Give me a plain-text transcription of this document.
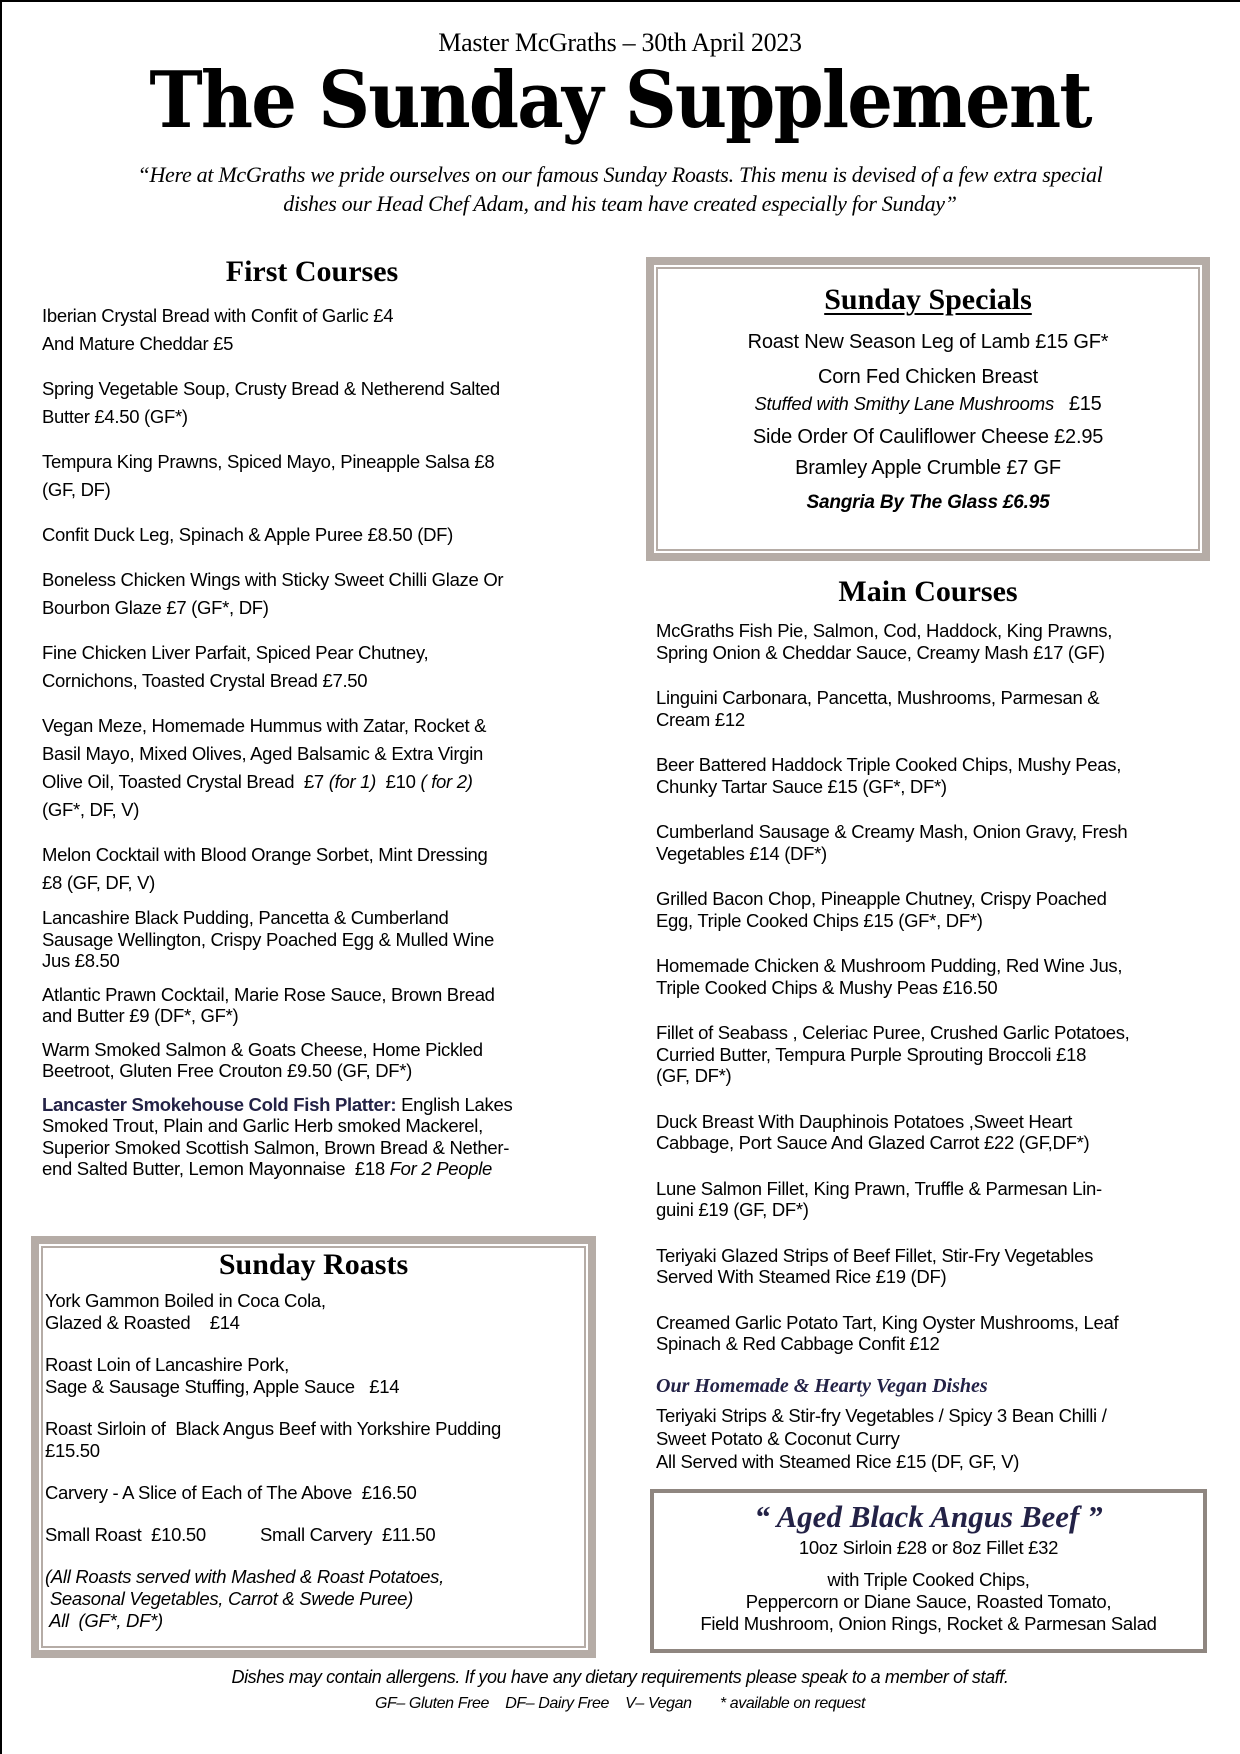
Master McGraths – 30th April 2023
The Sunday Supplement
“Here at McGraths we pride ourselves on our famous Sunday Roasts. This menu is devised of a few extra special
dishes our Head Chef Adam, and his team have created especially for Sunday”
First Courses
Iberian Crystal Bread with Confit of Garlic £4
And Mature Cheddar £5
Spring Vegetable Soup, Crusty Bread & Netherend Salted
Butter £4.50 (GF*)
Tempura King Prawns, Spiced Mayo, Pineapple Salsa £8
(GF, DF)
Confit Duck Leg, Spinach & Apple Puree £8.50 (DF)
Boneless Chicken Wings with Sticky Sweet Chilli Glaze Or
Bourbon Glaze £7 (GF*, DF)
Fine Chicken Liver Parfait, Spiced Pear Chutney,
Cornichons, Toasted Crystal Bread £7.50
Vegan Meze, Homemade Hummus with Zatar, Rocket &
Basil Mayo, Mixed Olives, Aged Balsamic & Extra Virgin
Olive Oil, Toasted Crystal Bread  £7 (for 1)  £10 ( for 2)
(GF*, DF, V)
Melon Cocktail with Blood Orange Sorbet, Mint Dressing
£8 (GF, DF, V)
Lancashire Black Pudding, Pancetta & Cumberland
Sausage Wellington, Crispy Poached Egg & Mulled Wine
Jus £8.50
Atlantic Prawn Cocktail, Marie Rose Sauce, Brown Bread
and Butter £9 (DF*, GF*)
Warm Smoked Salmon & Goats Cheese, Home Pickled
Beetroot, Gluten Free Crouton £9.50 (GF, DF*)
Lancaster Smokehouse Cold Fish Platter: English Lakes
Smoked Trout, Plain and Garlic Herb smoked Mackerel,
Superior Smoked Scottish Salmon, Brown Bread & Nether-
end Salted Butter, Lemon Mayonnaise  £18 For 2 People
Sunday Specials
Roast New Season Leg of Lamb £15 GF*
Corn Fed Chicken Breast
Stuffed with Smithy Lane Mushrooms £15
Side Order Of Cauliflower Cheese £2.95
Bramley Apple Crumble £7 GF
Sangria By The Glass £6.95
Main Courses
McGraths Fish Pie, Salmon, Cod, Haddock, King Prawns,
Spring Onion & Cheddar Sauce, Creamy Mash £17 (GF)
Linguini Carbonara, Pancetta, Mushrooms, Parmesan &
Cream £12
Beer Battered Haddock Triple Cooked Chips, Mushy Peas,
Chunky Tartar Sauce £15 (GF*, DF*)
Cumberland Sausage & Creamy Mash, Onion Gravy, Fresh
Vegetables £14 (DF*)
Grilled Bacon Chop, Pineapple Chutney, Crispy Poached
Egg, Triple Cooked Chips £15 (GF*, DF*)
Homemade Chicken & Mushroom Pudding, Red Wine Jus,
Triple Cooked Chips & Mushy Peas £16.50
Fillet of Seabass , Celeriac Puree, Crushed Garlic Potatoes,
Curried Butter, Tempura Purple Sprouting Broccoli £18
(GF, DF*)
Duck Breast With Dauphinois Potatoes ,Sweet Heart
Cabbage, Port Sauce And Glazed Carrot £22 (GF,DF*)
Lune Salmon Fillet, King Prawn, Truffle & Parmesan Lin-
guini £19 (GF, DF*)
Teriyaki Glazed Strips of Beef Fillet, Stir-Fry Vegetables
Served With Steamed Rice £19 (DF)
Creamed Garlic Potato Tart, King Oyster Mushrooms, Leaf
Spinach & Red Cabbage Confit £12
Our Homemade & Hearty Vegan Dishes
Teriyaki Strips & Stir-fry Vegetables / Spicy 3 Bean Chilli /
Sweet Potato & Coconut Curry
All Served with Steamed Rice £15 (DF, GF, V)
Sunday Roasts
York Gammon Boiled in Coca Cola,
Glazed & Roasted    £14
Roast Loin of Lancashire Pork,
Sage & Sausage Stuffing, Apple Sauce   £14
Roast Sirloin of  Black Angus Beef with Yorkshire Pudding
£15.50
Carvery - A Slice of Each of The Above  £16.50
Small Roast  £10.50	Small Carvery  £11.50
(All Roasts served with Mashed & Roast Potatoes,
Seasonal Vegetables, Carrot & Swede Puree)
All  (GF*, DF*)
“ Aged Black Angus Beef ”
10oz Sirloin £28 or 8oz Fillet £32
with Triple Cooked Chips,
Peppercorn or Diane Sauce, Roasted Tomato,
Field Mushroom, Onion Rings, Rocket & Parmesan Salad
Dishes may contain allergens. If you have any dietary requirements please speak to a member of staff.
GF– Gluten Free    DF– Dairy Free    V– Vegan       * available on request
